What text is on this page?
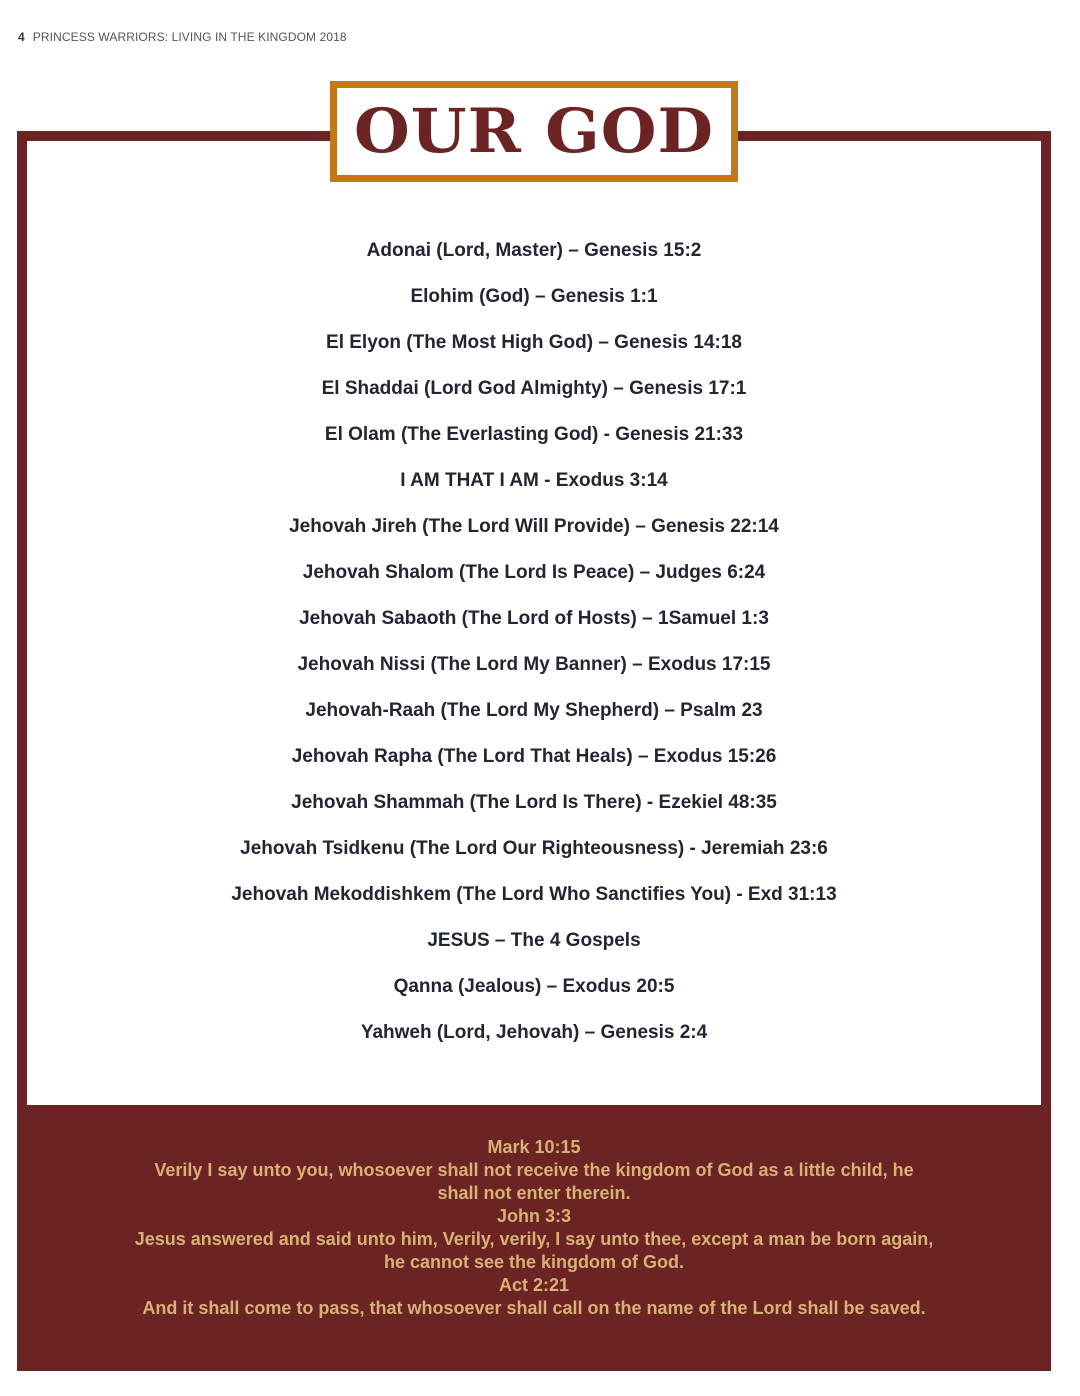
4 PRINCESS WARRIORS: LIVING IN THE KINGDOM 2018
OUR GOD
Adonai (Lord, Master) – Genesis 15:2
Elohim (God) – Genesis 1:1
El Elyon (The Most High God) – Genesis 14:18
El Shaddai (Lord God Almighty) – Genesis 17:1
El Olam (The Everlasting God) - Genesis 21:33
I AM THAT I AM - Exodus 3:14
Jehovah Jireh (The Lord Will Provide) – Genesis 22:14
Jehovah Shalom (The Lord Is Peace) – Judges 6:24
Jehovah Sabaoth (The Lord of Hosts) – 1Samuel 1:3
Jehovah Nissi (The Lord My Banner) – Exodus 17:15
Jehovah-Raah (The Lord My Shepherd) – Psalm 23
Jehovah Rapha (The Lord That Heals) – Exodus 15:26
Jehovah Shammah (The Lord Is There) - Ezekiel 48:35
Jehovah Tsidkenu (The Lord Our Righteousness) - Jeremiah 23:6
Jehovah Mekoddishkem (The Lord Who Sanctifies You) - Exd 31:13
JESUS – The 4 Gospels
Qanna (Jealous) – Exodus 20:5
Yahweh (Lord, Jehovah) – Genesis 2:4
Mark 10:15
Verily I say unto you, whosoever shall not receive the kingdom of God as a little child, he shall not enter therein.
John 3:3
Jesus answered and said unto him, Verily, verily, I say unto thee, except a man be born again, he cannot see the kingdom of God.
Act 2:21
And it shall come to pass, that whosoever shall call on the name of the Lord shall be saved.
